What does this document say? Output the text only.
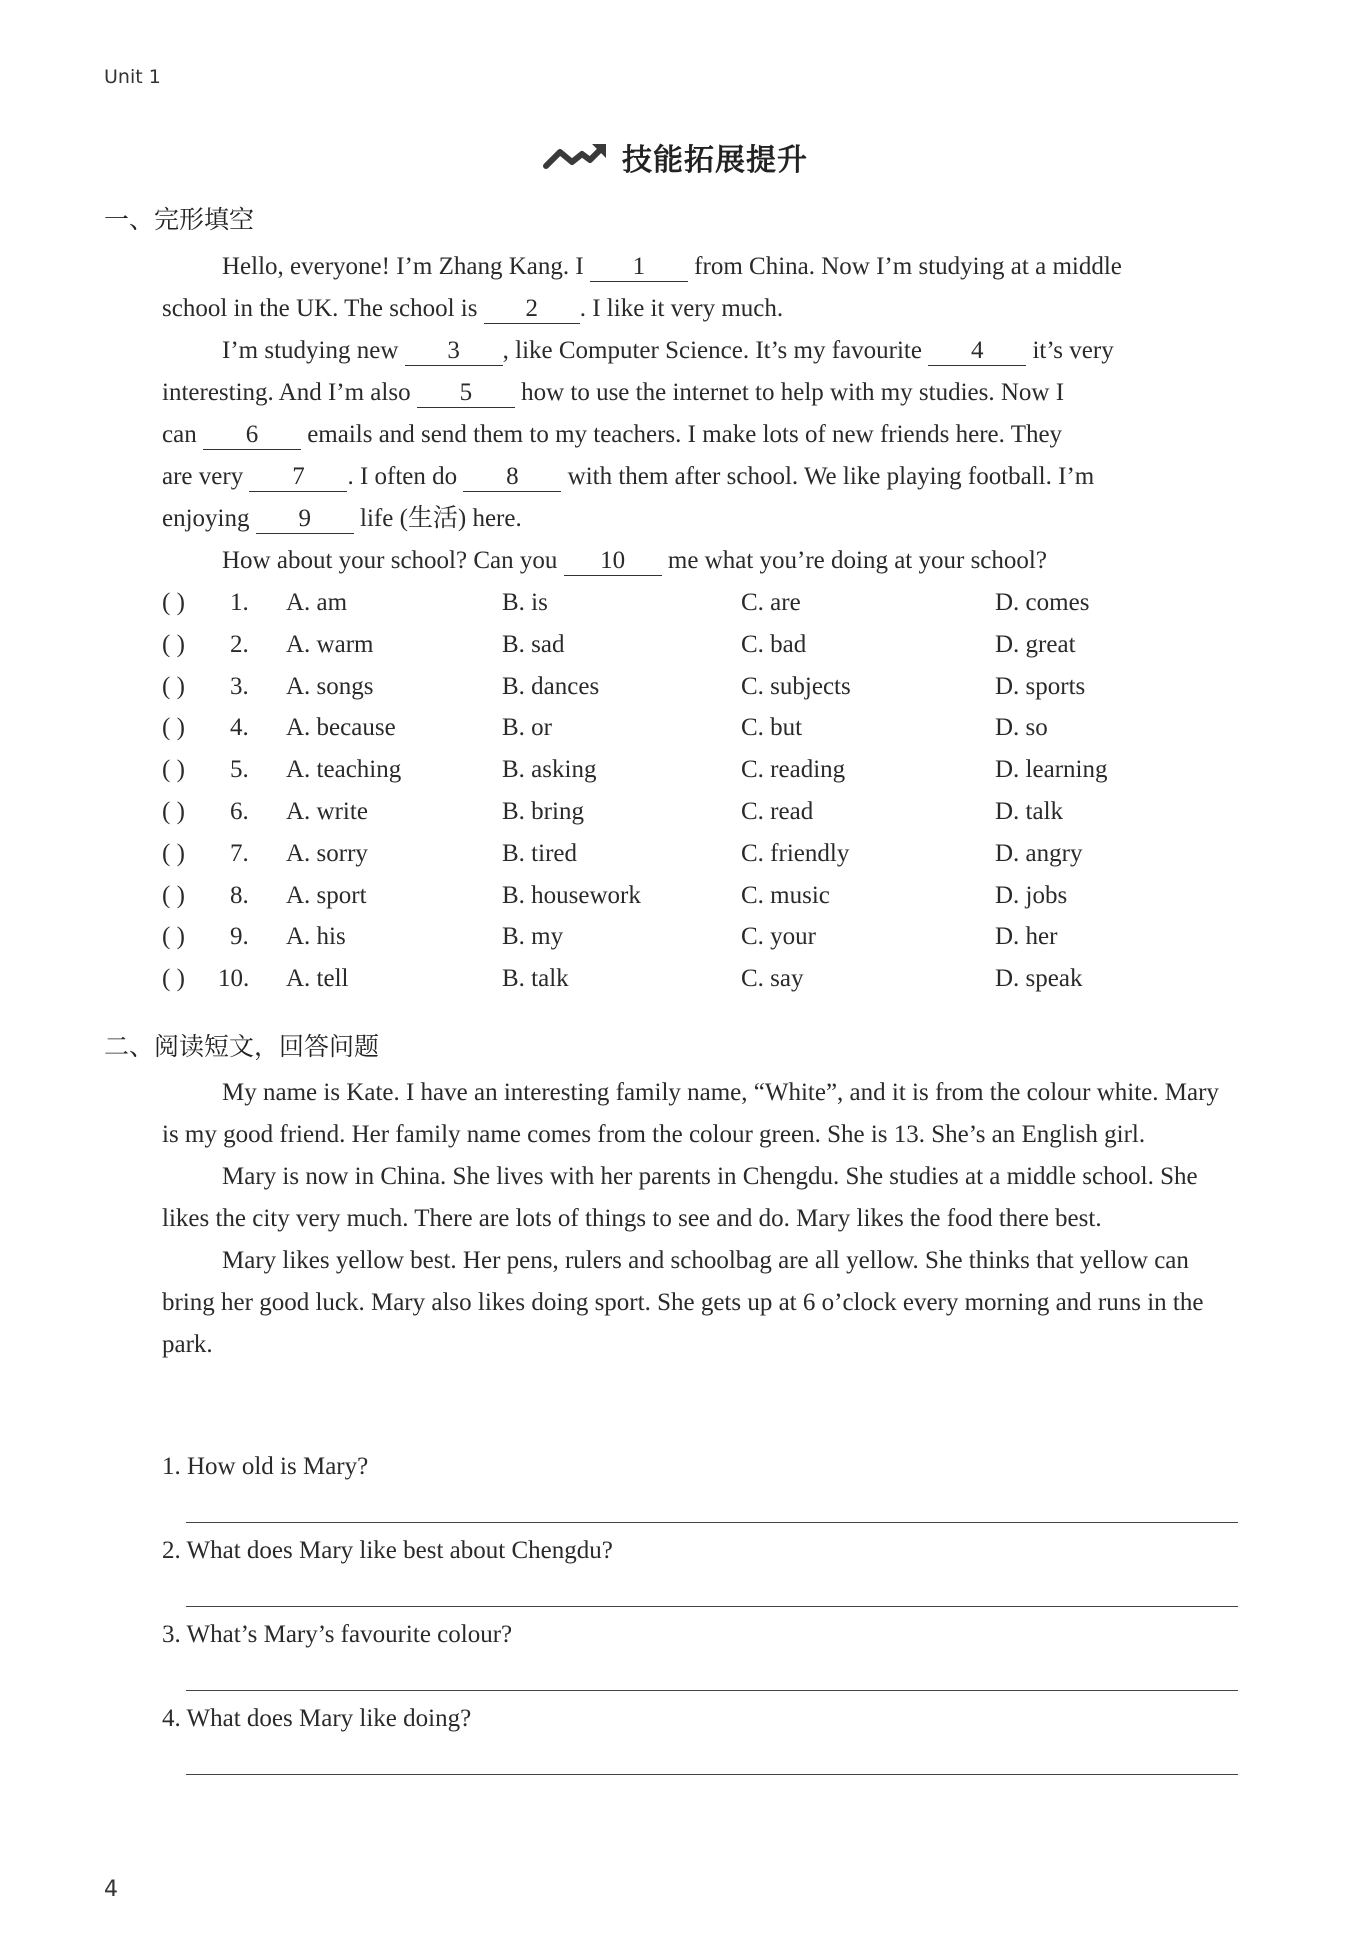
Unit 1
技能拓展提升
一、完形填空

Hello, everyone! I’m Zhang Kang. I 1 from China. Now I’m studying at a middle

school in the UK. The school is 2 . I like it very much.

I’m studying new 3 , like Computer Science. It’s my favourite 4 it’s very

interesting. And I’m also 5 how to use the internet to help with my studies. Now I

can 6 emails and send them to my teachers. I make lots of new friends here. They

are very 7 . I often do 8 with them after school. We like playing football. I’m

enjoying 9 life (生活) here.

How about your school? Can you 10 me what you’re doing at your school?

( ) 1. A. am	B. is	C. are	D. comes
( ) 2. A. warm	B. sad	C. bad	D. great
( ) 3. A. songs	B. dances	C. subjects	D. sports
( ) 4. A. because	B. or	C. but	D. so
( ) 5. A. teaching	B. asking	C. reading	D. learning
( ) 6. A. write	B. bring	C. read	D. talk
( ) 7. A. sorry	B. tired	C. friendly	D. angry
( ) 8. A. sport	B. housework	C. music	D. jobs
( ) 9. A. his	B. my	C. your	D. her
( ) 10. A. tell	B. talk	C. say	D. speak
二、阅读短文，回答问题

My name is Kate. I have an interesting family name, “White”, and it is from the colour white. Mary is my good friend. Her family name comes from the colour green. She is 13. She’s an English girl.

Mary is now in China. She lives with her parents in Chengdu. She studies at a middle school. She likes the city very much. There are lots of things to see and do. Mary likes the food there best.

Mary likes yellow best. Her pens, rulers and schoolbag are all yellow. She thinks that yellow can bring her good luck. Mary also likes doing sport. She gets up at 6 o’clock every morning and runs in the park.

1. How old is Mary?
2. What does Mary like best about Chengdu?
3. What’s Mary’s favourite colour?
4. What does Mary like doing?
4
